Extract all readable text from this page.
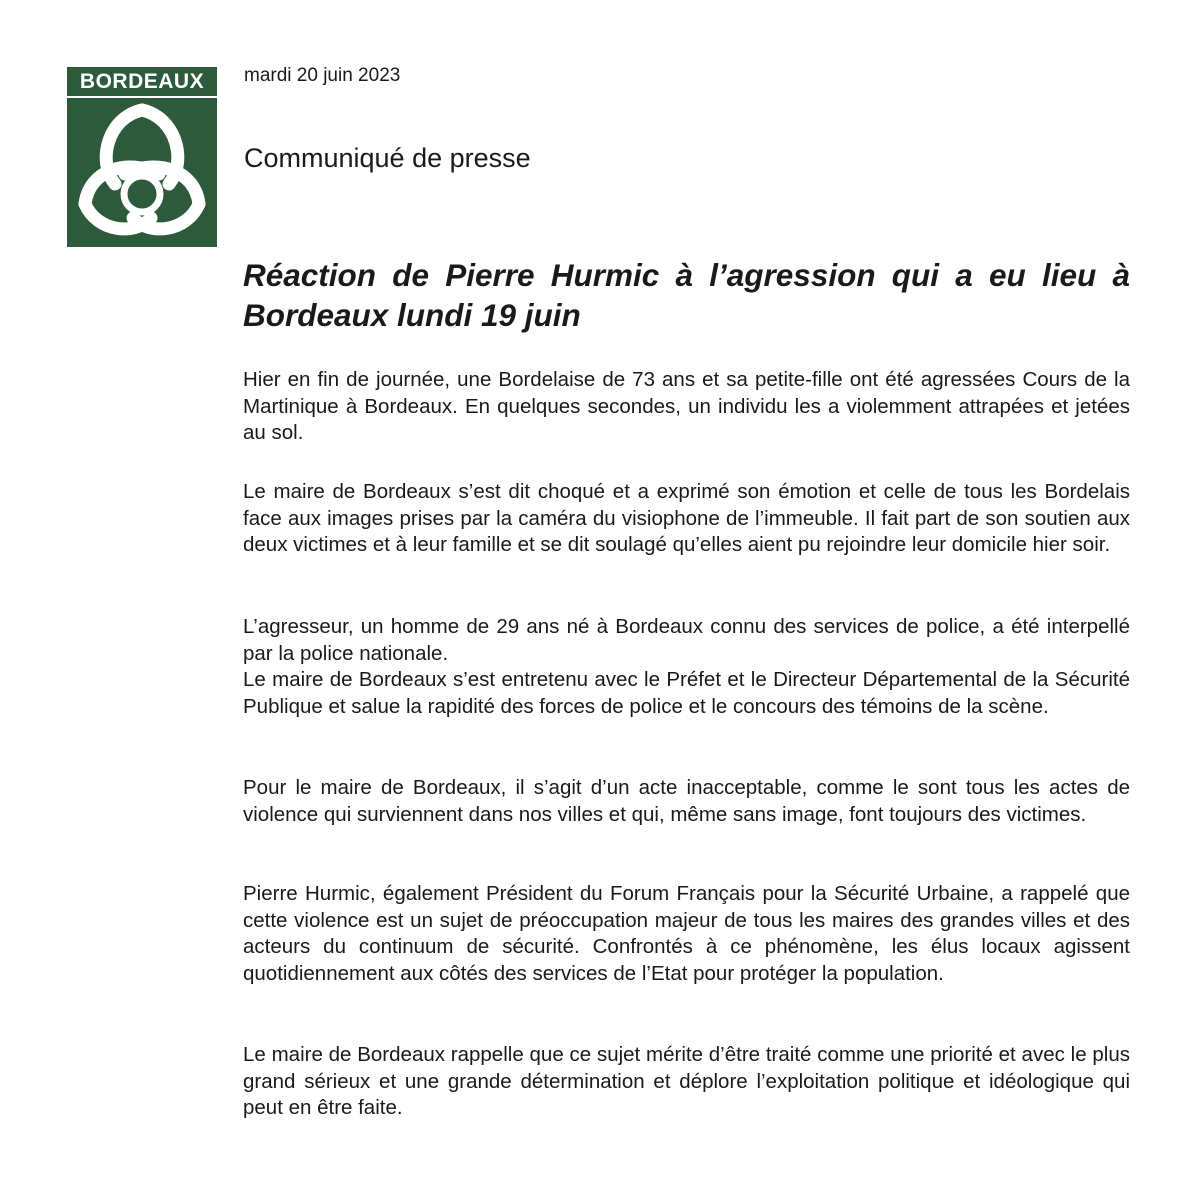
BORDEAUX	mardi 20 juin 2023
Communiqué de presse
Réaction de Pierre Hurmic à l’agression qui a eu lieu à Bordeaux lundi 19 juin

Hier en fin de journée, une Bordelaise de 73 ans et sa petite-fille ont été agressées Cours de la Martinique à Bordeaux. En quelques secondes, un individu les a violemment attrapées et jetées au sol.

Le maire de Bordeaux s’est dit choqué et a exprimé son émotion et celle de tous les Bordelais face aux images prises par la caméra du visiophone de l’immeuble. Il fait part de son soutien aux deux victimes et à leur famille et se dit soulagé qu’elles aient pu rejoindre leur domicile hier soir.

L’agresseur, un homme de 29 ans né à Bordeaux connu des services de police, a été interpellé par la police nationale.

Le maire de Bordeaux s’est entretenu avec le Préfet et le Directeur Départemental de la Sécurité Publique et salue la rapidité des forces de police et le concours des témoins de la scène.

Pour le maire de Bordeaux, il s’agit d’un acte inacceptable, comme le sont tous les actes de violence qui surviennent dans nos villes et qui, même sans image, font toujours des victimes.

Pierre Hurmic, également Président du Forum Français pour la Sécurité Urbaine, a rappelé que cette violence est un sujet de préoccupation majeur de tous les maires des grandes villes et des acteurs du continuum de sécurité. Confrontés à ce phénomène, les élus locaux agissent quotidiennement aux côtés des services de l’Etat pour protéger la population.

Le maire de Bordeaux rappelle que ce sujet mérite d’être traité comme une priorité et avec le plus grand sérieux et une grande détermination et déplore l’exploitation politique et idéologique qui peut en être faite.
